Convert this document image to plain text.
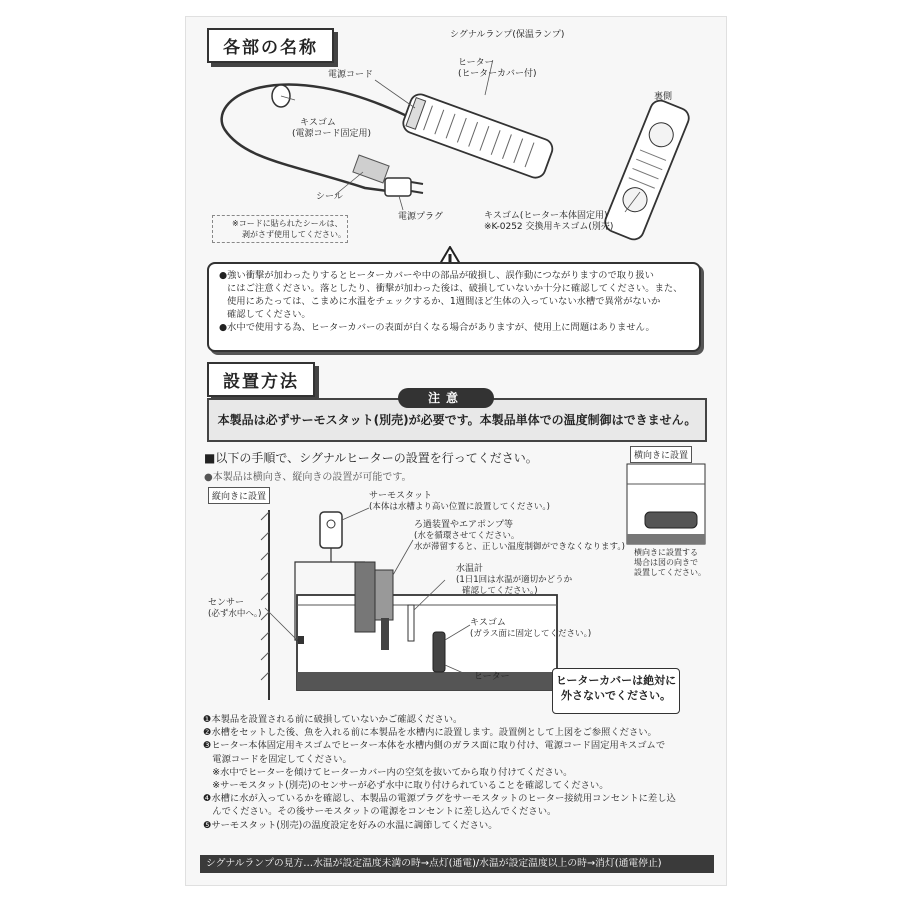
各部の名称
電源コード
シグナルランプ(保温ランプ)
ヒーター
(ヒーターカバー付)
裏側
キスゴム
(電源コード固定用)
シール
電源プラグ	キスゴム(ヒーター本体固定用)
※K-0252 交換用キスゴム(別売)
※コードに貼られたシールは、
剥がさず使用してください。
●強い衝撃が加わったりするとヒーターカバーや中の部品が破損し、誤作動につながりますので取り扱い
にはご注意ください。落としたり、衝撃が加わった後は、破損していないか十分に確認してください。また、
使用にあたっては、こまめに水温をチェックするか、1週間ほど生体の入っていない水槽で異常がないか
確認してください。
●水中で使用する為、ヒーターカバーの表面が白くなる場合がありますが、使用上に問題はありません。
設置方法
本製品は必ずサーモスタット(別売)が必要です。本製品単体での温度制御はできません。
注意
■以下の手順で、シグナルヒーターの設置を行ってください。
●本製品は横向き、縦向きの設置が可能です。
縦向きに設置
横向きに設置
横向きに設置する
場合は図の向きで
設置してください。
サーモスタット
(本体は水槽より高い位置に設置してください。)
ろ過装置やエアポンプ等
(水を循環させてください。
水が滞留すると、正しい温度制御ができなくなります。)
水温計
(1日1回は水温が適切かどうか
確認してください。)
センサー
(必ず水中へ。)
キスゴム
(ガラス面に固定してください。)
ヒーター	ヒーターカバーは絶対に
外さないでください。
❶本製品を設置される前に破損していないかご確認ください。
❷水槽をセットした後、魚を入れる前に本製品を水槽内に設置します。設置例として上図をご参照ください。
❸ヒーター本体固定用キスゴムでヒーター本体を水槽内側のガラス面に取り付け、電源コード固定用キスゴムで
　電源コードを固定してください。
　※水中でヒーターを傾けてヒーターカバー内の空気を抜いてから取り付けてください。
　※サーモスタット(別売)のセンサーが必ず水中に取り付けられていることを確認してください。
❹水槽に水が入っているかを確認し、本製品の電源プラグをサーモスタットのヒーター接続用コンセントに差し込
　んでください。その後サーモスタットの電源をコンセントに差し込んでください。
❺サーモスタット(別売)の温度設定を好みの水温に調節してください。
シグナルランプの見方…水温が設定温度未満の時→点灯(通電)/水温が設定温度以上の時→消灯(通電停止)
